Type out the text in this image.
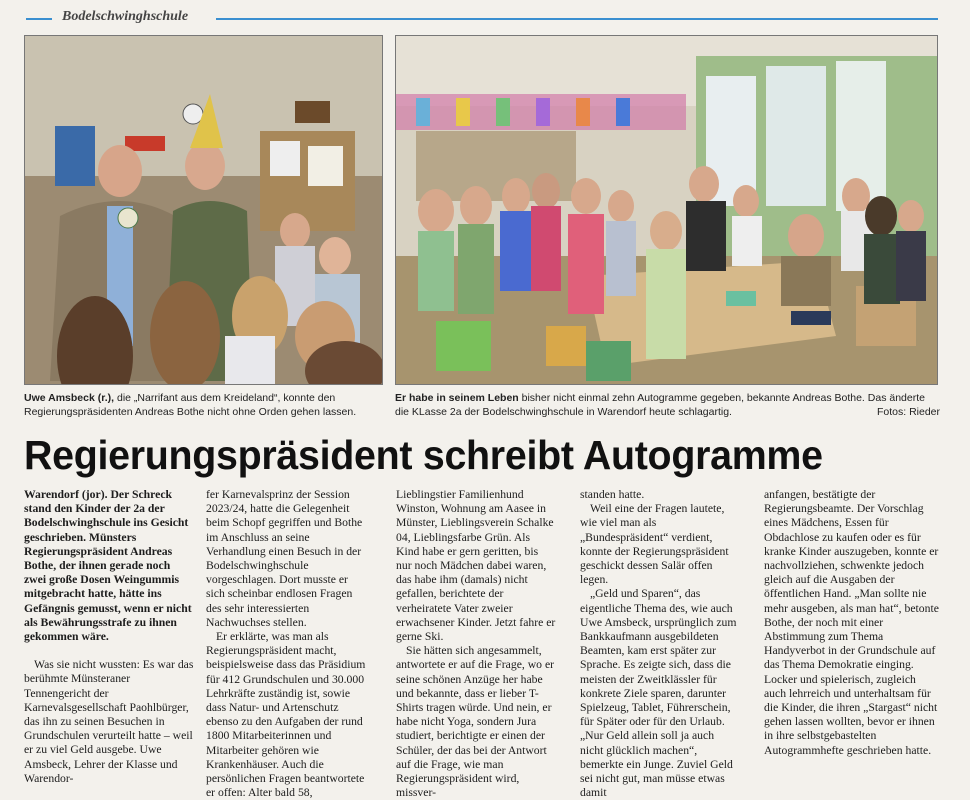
Bodelschwinghschule
Uwe Amsbeck (r.), die „Narrifant aus dem Kreideland“, konnte den Regierungspräsidenten Andreas Bothe nicht ohne Orden gehen lassen.
Er habe in seinem Leben bisher nicht einmal zehn Autogramme gegeben, bekannte Andreas Bothe. Das änderte die KLasse 2a der Bodelschwinghschule in Warendorf heute schlagartig.	Fotos: Rieder
Regierungspräsident schreibt Autogramme

Warendorf (jor). Der Schreck stand den Kinder der 2a der Bodelschwinghschule ins Gesicht geschrieben. Münsters Regierungspräsident Andreas Bothe, der ihnen gerade noch zwei große Dosen Weingummis mitgebracht hatte, hätte ins Gefängnis gemusst, wenn er nicht als Bewährungsstrafe zu ihnen gekommen wäre.

Was sie nicht wussten: Es war das berühmte Münsteraner Tennengericht der Karnevalsgesellschaft Paohlbürger, das ihn zu seinen Besuchen in Grundschulen verurteilt hatte – weil er zu viel Geld ausgebe. Uwe Amsbeck, Lehrer der Klasse und Warendor-

fer Karnevalsprinz der Session 2023/24, hatte die Gelegenheit beim Schopf gegriffen und Bothe im Anschluss an seine Verhandlung einen Besuch in der Bodelschwinghschule vorgeschlagen. Dort musste er sich scheinbar endlosen Fragen des sehr interessierten Nachwuchses stellen.

Er erklärte, was man als Regierungspräsident macht, beispielsweise dass das Präsidium für 412 Grundschulen und 30.000 Lehrkräfte zuständig ist, sowie dass Natur- und Artenschutz ebenso zu den Aufgaben der rund 1800 Mitarbeiterinnen und Mitarbeiter gehören wie Krankenhäuser. Auch die persönlichen Fragen beantwortete er offen: Alter bald 58,

Lieblingstier Familienhund Winston, Wohnung am Aasee in Münster, Lieblingsverein Schalke 04, Lieblingsfarbe Grün. Als Kind habe er gern geritten, bis nur noch Mädchen dabei waren, das habe ihm (damals) nicht gefallen, berichtete der verheiratete Vater zweier erwachsener Kinder. Jetzt fahre er gerne Ski.

Sie hätten sich angesammelt, antwortete er auf die Frage, wo er seine schönen Anzüge her habe und bekannte, dass er lieber T-Shirts tragen würde. Und nein, er habe nicht Yoga, sondern Jura studiert, berichtigte er einen der Schüler, der das bei der Antwort auf die Frage, wie man Regierungspräsident wird, missver-

standen hatte.

Weil eine der Fragen lautete, wie viel man als „Bundespräsident“ verdient, konnte der Regierungspräsident geschickt dessen Salär offen legen.

„Geld und Sparen“, das eigentliche Thema des, wie auch Uwe Amsbeck, ursprünglich zum Bankkaufmann ausgebildeten Beamten, kam erst später zur Sprache. Es zeigte sich, dass die meisten der Zweitklässler für konkrete Ziele sparen, darunter Spielzeug, Tablet, Führerschein, für Später oder für den Urlaub. „Nur Geld allein soll ja auch nicht glücklich machen“, bemerkte ein Junge. Zuviel Geld sei nicht gut, man müsse etwas damit

anfangen, bestätigte der Regierungsbeamte. Der Vorschlag eines Mädchens, Essen für Obdachlose zu kaufen oder es für kranke Kinder auszugeben, konnte er nachvollziehen, schwenkte jedoch gleich auf die Ausgaben der öffentlichen Hand. „Man sollte nie mehr ausgeben, als man hat“, betonte Bothe, der noch mit einer Abstimmung zum Thema Handyverbot in der Grundschule auf das Thema Demokratie einging. Locker und spielerisch, zugleich auch lehrreich und unterhaltsam für die Kinder, die ihren „Stargast“ nicht gehen lassen wollten, bevor er ihnen in ihre selbstgebastelten Autogrammhefte geschrieben hatte.
